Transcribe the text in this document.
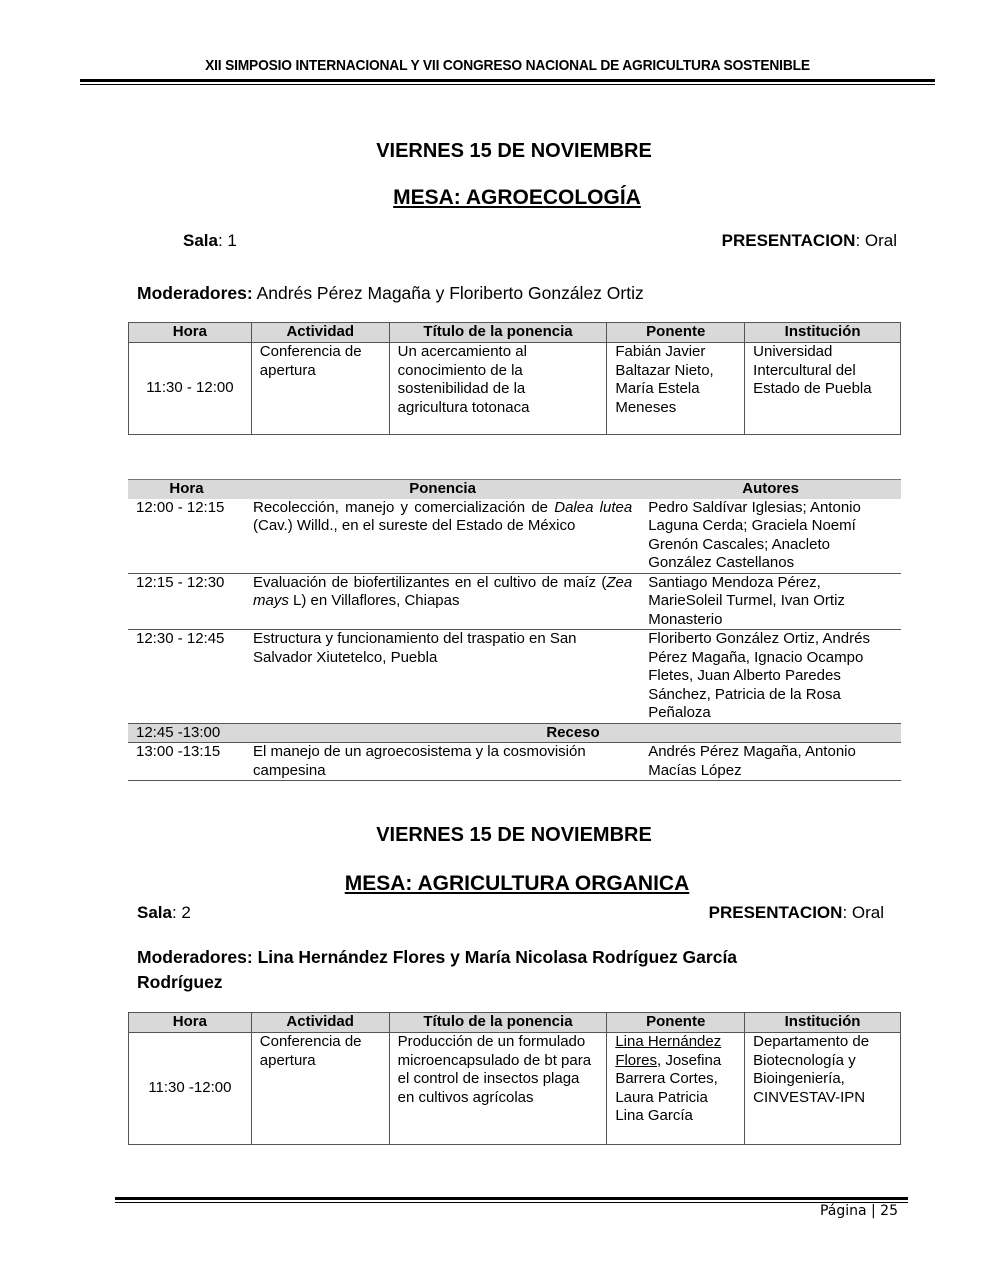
XII SIMPOSIO INTERNACIONAL Y VII CONGRESO NACIONAL DE AGRICULTURA SOSTENIBLE
VIERNES 15 DE NOVIEMBRE
MESA: AGROECOLOGÍA
Sala: 1	PRESENTACION: Oral
Moderadores: Andrés Pérez Magaña y Floriberto González Ortiz
Hora	Actividad	Título de la ponencia	Ponente	Institución
11:30 - 12:00	Conferencia de apertura	Un acercamiento al conocimiento de la sostenibilidad de la agricultura totonaca	Fabián Javier Baltazar Nieto, María Estela Meneses	Universidad Intercultural del Estado de Puebla
Hora	Ponencia	Autores
12:00 - 12:15	Recolección, manejo y comercialización de Dalea lutea (Cav.) Willd., en el sureste del Estado de México	Pedro Saldívar Iglesias; Antonio Laguna Cerda; Graciela Noemí Grenón Cascales; Anacleto González Castellanos
12:15 - 12:30	Evaluación de biofertilizantes en el cultivo de maíz (Zea mays L) en Villaflores, Chiapas	Santiago Mendoza Pérez, MarieSoleil Turmel, Ivan Ortiz Monasterio
12:30 - 12:45	Estructura y funcionamiento del traspatio en San Salvador Xiutetelco, Puebla	Floriberto González Ortiz, Andrés Pérez Magaña, Ignacio Ocampo Fletes, Juan Alberto Paredes Sánchez, Patricia de la Rosa Peñaloza
12:45 -13:00	Receso	
13:00 -13:15	El manejo de un agroecosistema y la cosmovisión campesina	Andrés Pérez Magaña, Antonio Macías López
VIERNES 15 DE NOVIEMBRE
MESA: AGRICULTURA ORGANICA
Sala: 2	PRESENTACION: Oral
Moderadores: Lina Hernández Flores y María Nicolasa Rodríguez García Rodríguez
Hora	Actividad	Título de la ponencia	Ponente	Institución
11:30 -12:00	Conferencia de apertura	Producción de un formulado microencapsulado de bt para el control de insectos plaga en cultivos agrícolas	Lina Hernández Flores, Josefina Barrera Cortes, Laura Patricia Lina García	Departamento de Biotecnología y Bioingeniería, CINVESTAV-IPN
Página | 25
